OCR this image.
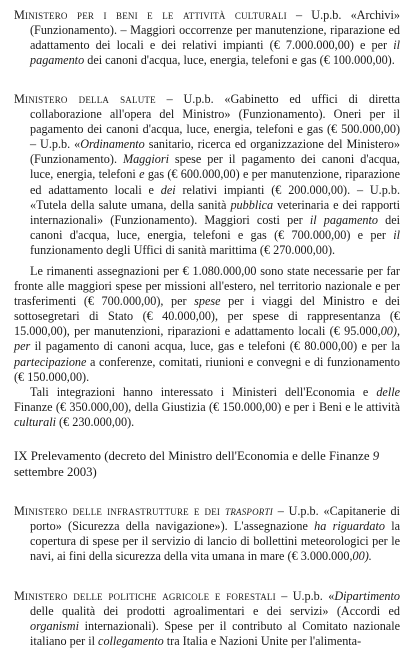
Ministero per i beni e le attività culturali – U.p.b. «Archivi» (Funzionamento). – Maggiori occorrenze per manutenzione, riparazione ed adattamento dei locali e dei relativi impianti (€ 7.000.000,00) e per il pagamento dei canoni d'acqua, luce, energia, telefoni e gas (€ 100.000,00).

Ministero della salute – U.p.b. «Gabinetto ed uffici di diretta collaborazione all'opera del Ministro» (Funzionamento). Oneri per il pagamento dei canoni d'acqua, luce, energia, telefoni e gas (€ 500.000,00) – U.p.b. «Ordinamento sanitario, ricerca ed organizzazione del Ministero» (Funzionamento). Maggiori spese per il pagamento dei canoni d'acqua, luce, energia, telefoni e gas (€ 600.000,00) e per manutenzione, riparazione ed adattamento locali e dei relativi impianti (€ 200.000,00). – U.p.b. «Tutela della salute umana, della sanità pubblica veterinaria e dei rapporti internazionali» (Funzionamento). Maggiori costi per il pagamento dei canoni d'acqua, luce, energia, telefoni e gas (€ 700.000,00) e per il funzionamento degli Uffici di sanità marittima (€ 270.000,00).

Le rimanenti assegnazioni per € 1.080.000,00 sono state necessarie per far fronte alle maggiori spese per missioni all'estero, nel territorio nazionale e per trasferimenti (€ 700.000,00), per spese per i viaggi del Ministro e dei sottosegretari di Stato (€ 40.000,00), per spese di rappresentanza (€ 15.000,00), per manutenzioni, riparazioni e adattamento locali (€ 95.000,00), per il pagamento di canoni acqua, luce, gas e telefoni (€ 80.000,00) e per la partecipazione a conferenze, comitati, riunioni e convegni e di funzionamento (€ 150.000,00).

Tali integrazioni hanno interessato i Ministeri dell'Economia e delle Finanze (€ 350.000,00), della Giustizia (€ 150.000,00) e per i Beni e le attività culturali (€ 230.000,00).

IX Prelevamento (decreto del Ministro dell'Economia e delle Finanze 9 settembre 2003)

Ministero delle infrastrutture e dei trasporti – U.p.b. «Capitanerie di porto» (Sicurezza della navigazione»). L'assegnazione ha riguardato la copertura di spese per il servizio di lancio di bollettini meteorologici per le navi, ai fini della sicurezza della vita umana in mare (€ 3.000.000,00).

Ministero delle politiche agricole e forestali – U.p.b. «Dipartimento delle qualità dei prodotti agroalimentari e dei servizi» (Accordi ed organismi internazionali). Spese per il contributo al Comitato nazionale italiano per il collegamento tra Italia e Nazioni Unite per l'alimenta-
